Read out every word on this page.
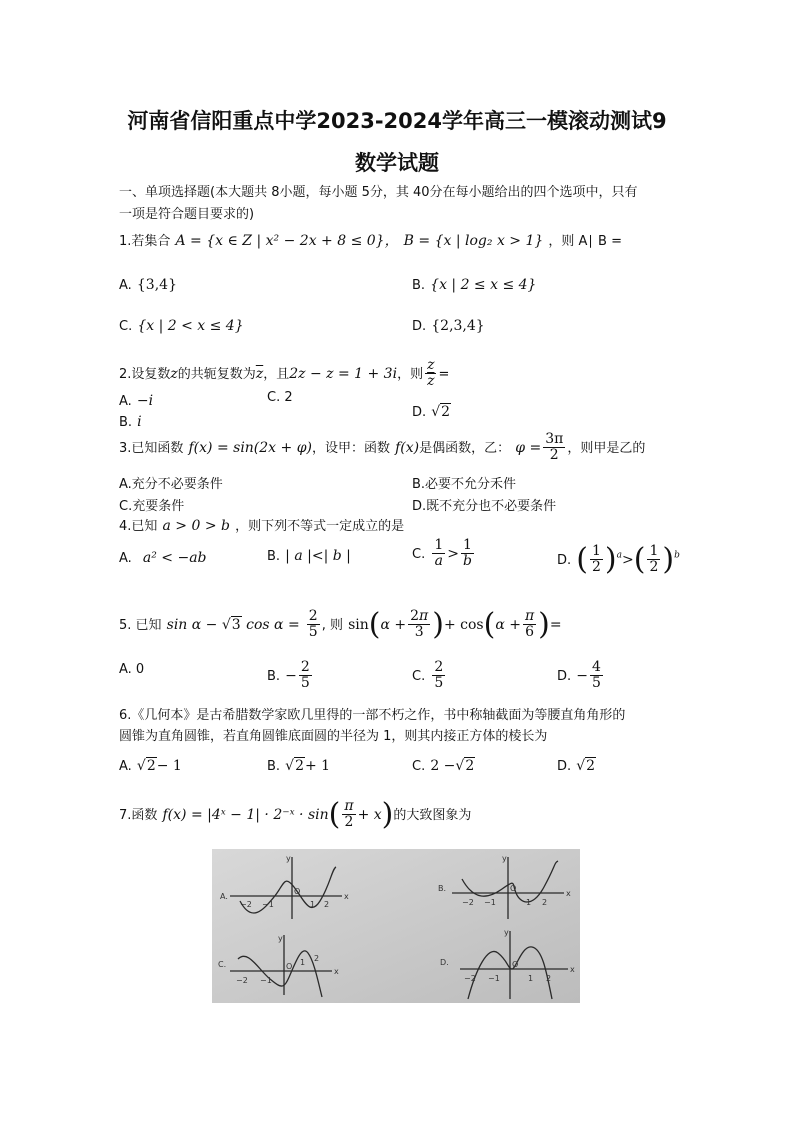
河南省信阳重点中学2023-2024学年高三一模滚动测试9
数学试题
一、单项选择题(本大题共 8小题，每小题 5分，其 40分在每小题给出的四个选项中，只有
一项是符合题目要求的)
1.若集合 A = {x ∈ Z | x² − 2x + 8 ≤ 0}， B = {x | log₂ x > 1} ，则 A∣ B =
A. {3,4}	B. {x | 2 ≤ x ≤ 4}
C. {x | 2 < x ≤ 4}	D. {2,3,4}
2.设复数z的共轭复数为$\overline{z}$，且2z − z = 1 + 3i，则 $\frac{z}{z}$ =
A. −i	C. 2
B. i
D. √2
3.已知函数 f(x) = sin(2x + φ)，设甲：函数 f(x)是偶函数，乙： $\varphi = \frac{3\pi}{2}$ ，则甲是乙的
A.充分不必要条件	B.必要不允分禾件
C.充要条件	D.既不充分也不必要条件
4.已知 a > 0 > b ，则下列不等式一定成立的是
A. a² < −ab	B. | a |<| b |	C. $\frac{1}{a} > \frac{1}{b}$	D. ( $\frac{1}{2} )^a>( \frac{1}{2} )^b$
5. 已知 sin α − √3 $\cos \alpha = \frac{2}{5}$ , 则 $\sin(\alpha + \frac{2\pi}{3}$ )+ $\cos(\alpha + \frac{\pi}{6}$ )=
A. 0	B. − $\frac{2}{5}$	C. $\frac{2}{5}$	D. − $\frac{4}{5}$
6.《几何本》是古希腊数学家欧几里得的一部不朽之作，书中称轴截面为等腰直角角形的
圆锥为直角圆锥，若直角圆锥底面圆的半径为 1，则其内接正方体的棱长为
A. √2− 1	B. √2+ 1	C. 2 −√2	D. √2
7.函数 f(x) = |4ˣ − 1| · 2⁻ˣ · $\sin( \frac{\pi}{2} + x)$的大致图象为
A.
−2 −1
O
1 2
x
y
B.
−2 −1
O
1 2
x
y
C.
−2 −1
O 1 2
x
y
D.
−2 −1
O
1 2
x
y
